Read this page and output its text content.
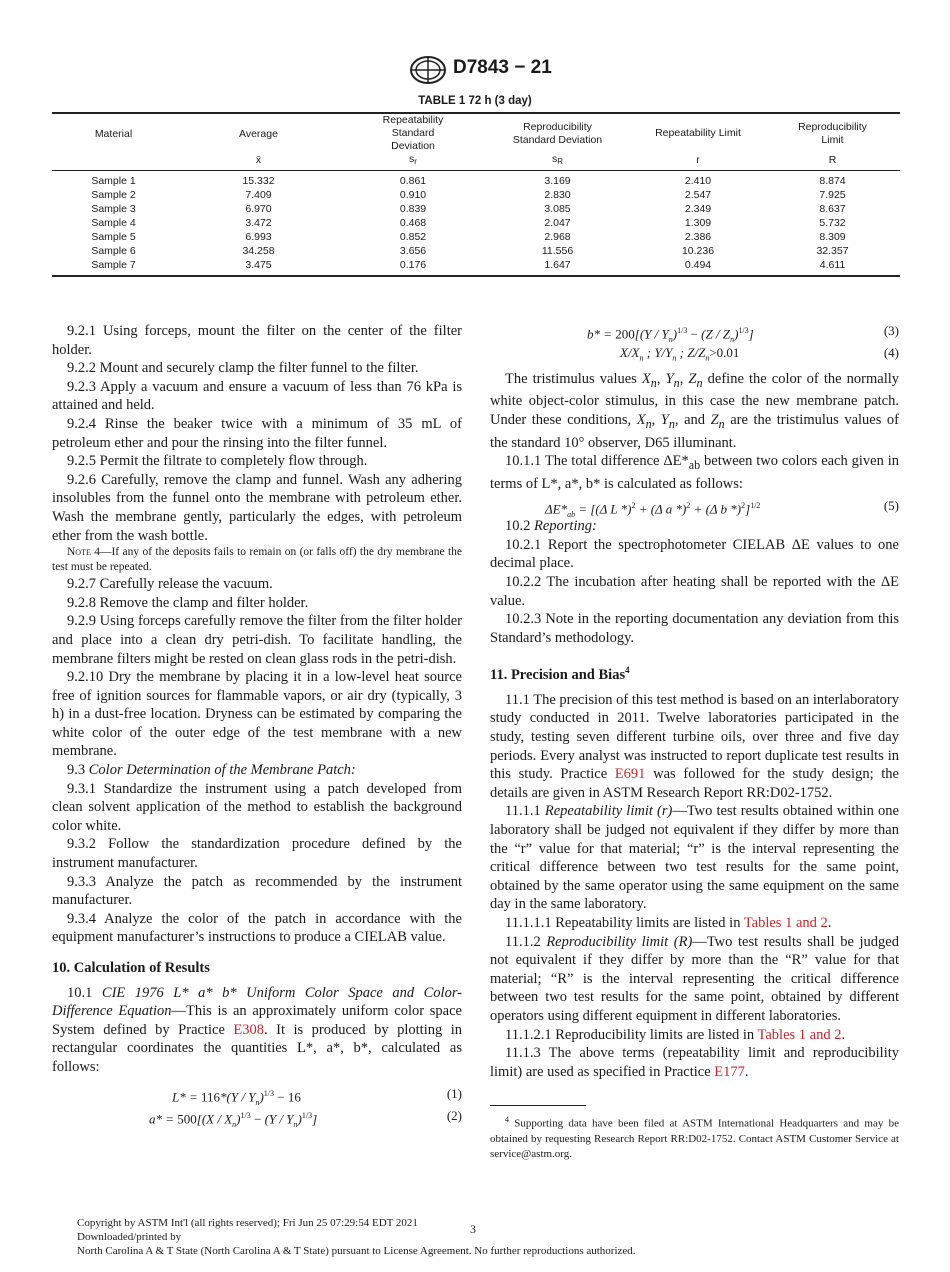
D7843 − 21
TABLE 1 72 h (3 day)
Material	Average	Repeatability Standard Deviation	Reproducibility Standard Deviation	Repeatability Limit	Reproducibility Limit
	x̄	$s_r$	$s_R$	r	R
Sample 1	15.332	0.861	3.169	2.410	8.874
Sample 2	7.409	0.910	2.830	2.547	7.925
Sample 3	6.970	0.839	3.085	2.349	8.637
Sample 4	3.472	0.468	2.047	1.309	5.732
Sample 5	6.993	0.852	2.968	2.386	8.309
Sample 6	34.258	3.656	11.556	10.236	32.357
Sample 7	3.475	0.176	1.647	0.494	4.611

9.2.1 Using forceps, mount the filter on the center of the filter holder.

9.2.2 Mount and securely clamp the filter funnel to the filter.

9.2.3 Apply a vacuum and ensure a vacuum of less than 76 kPa is attained and held.

9.2.4 Rinse the beaker twice with a minimum of 35 mL of petroleum ether and pour the rinsing into the filter funnel.

9.2.5 Permit the filtrate to completely flow through.

9.2.6 Carefully, remove the clamp and funnel. Wash any adhering insolubles from the funnel onto the membrane with petroleum ether. Wash the membrane gently, particularly the edges, with petroleum ether from the wash bottle.

Note 4—If any of the deposits fails to remain on (or falls off) the dry membrane the test must be repeated.

9.2.7 Carefully release the vacuum.

9.2.8 Remove the clamp and filter holder.

9.2.9 Using forceps carefully remove the filter from the filter holder and place into a clean dry petri-dish. To facilitate handling, the membrane filters might be rested on clean glass rods in the petri-dish.

9.2.10 Dry the membrane by placing it in a low-level heat source free of ignition sources for flammable vapors, or air dry (typically, 3 h) in a dust-free location. Dryness can be estimated by comparing the white color of the outer edge of the test membrane with a new membrane.

9.3 Color Determination of the Membrane Patch:

9.3.1 Standardize the instrument using a patch developed from clean solvent application of the method to establish the background color white.

9.3.2 Follow the standardization procedure defined by the instrument manufacturer.

9.3.3 Analyze the patch as recommended by the instrument manufacturer.

9.3.4 Analyze the color of the patch in accordance with the equipment manufacturer’s instructions to produce a CIELAB value.

10. Calculation of Results

10.1 CIE 1976 L* a* b* Uniform Color Space and Color-Difference Equation—This is an approximately uniform color space System defined by Practice E308. It is produced by plotting in rectangular coordinates the quantities L*, a*, b*, calculated as follows:

$L* = 116*(Y / Y_n)^{1/3} - 16$	(1)
$a* = 500[(X / X_n)^{1/3} - (Y / Y_n)^{1/3}]$	(2)
$b* = 200[(Y / Y_n)^{1/3} - (Z / Z_n)^{1/3}]$	(3)
$X/X_n$ ; $Y/Y_n$ ; $Z/Z_n>0.01$	(4)

The tristimulus values $X_n$, $Y_n$, $Z_n$ define the color of the normally white object-color stimulus, in this case the new membrane patch. Under these conditions, $X_n$, $Y_n$, and $Z_n$ are the tristimulus values of the standard 10° observer, D65 illuminant.

10.1.1 The total difference $\Delta E*_{ab}$ between two colors each given in terms of L*, a*, b* is calculated as follows:

$\Delta E*_{ab} = [(\Delta$ L *)$^2$ + (Δ a *)$^2$ + (Δ b *)$^2$]$^{1/2}$	(5)

10.2 Reporting:

10.2.1 Report the spectrophotometer CIELAB ΔE values to one decimal place.

10.2.2 The incubation after heating shall be reported with the ΔE value.

10.2.3 Note in the reporting documentation any deviation from this Standard’s methodology.

11. Precision and Bias$^4$

11.1 The precision of this test method is based on an interlaboratory study conducted in 2011. Twelve laboratories participated in the study, testing seven different turbine oils, over three and five day periods. Every analyst was instructed to report duplicate test results in this study. Practice E691 was followed for the study design; the details are given in ASTM Research Report RR:D02-1752.

11.1.1 Repeatability limit (r)—Two test results obtained within one laboratory shall be judged not equivalent if they differ by more than the “r” value for that material; “r” is the interval representing the critical difference between two test results for the same point, obtained by the same operator using the same equipment on the same day in the same laboratory.

11.1.1.1 Repeatability limits are listed in Tables 1 and 2.

11.1.2 Reproducibility limit (R)—Two test results shall be judged not equivalent if they differ by more than the “R” value for that material; “R” is the interval representing the critical difference between two test results for the same point, obtained by different operators using different equipment in different laboratories.

11.1.2.1 Reproducibility limits are listed in Tables 1 and 2.

11.1.3 The above terms (repeatability limit and reproducibility limit) are used as specified in Practice E177.

$^4$ Supporting data have been filed at ASTM International Headquarters and may be obtained by requesting Research Report RR:D02-1752. Contact ASTM Customer Service at service@astm.org.

Copyright by ASTM Int'l (all rights reserved); Fri Jun 25 07:29:54 EDT 2021
Downloaded/printed by
North Carolina A & T State (North Carolina A & T State) pursuant to License Agreement. No further reproductions authorized.
3
